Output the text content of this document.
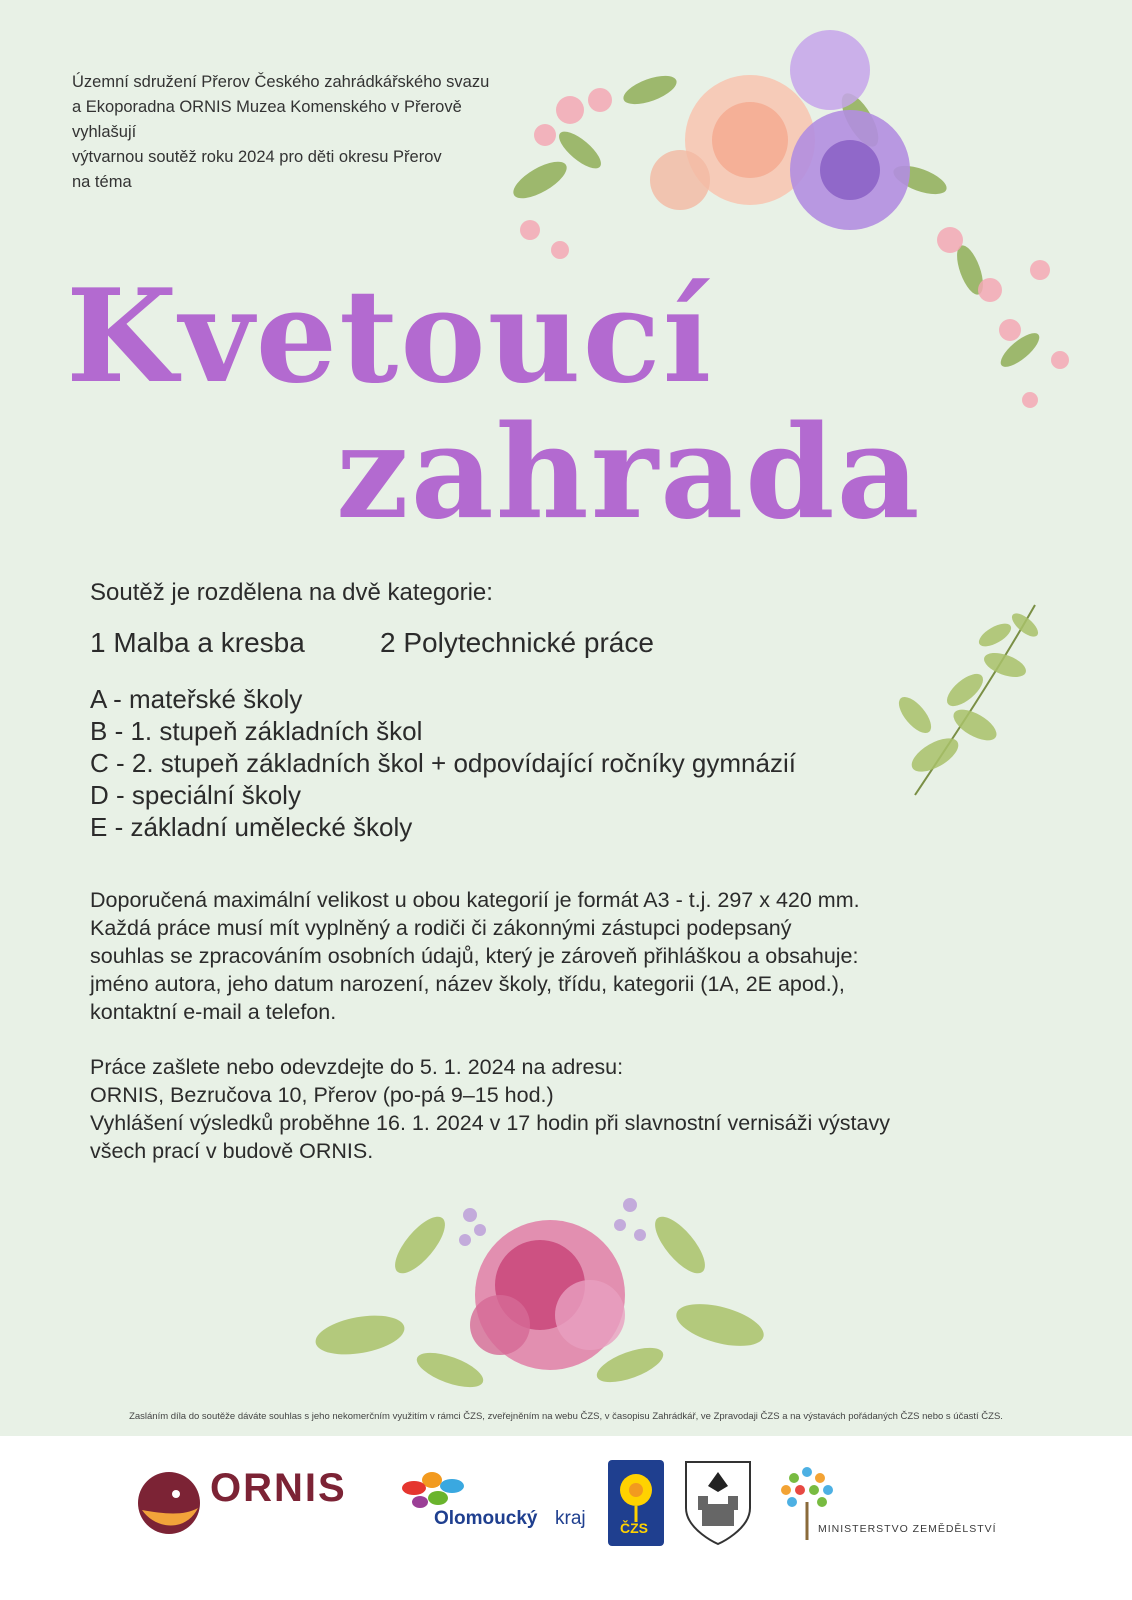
Územní sdružení Přerov Českého zahrádkářského svazu
a Ekoporadna ORNIS Muzea Komenského v Přerově
vyhlašují
výtvarnou soutěž roku 2024 pro děti okresu Přerov
na téma
Kvetoucí
zahrada
Soutěž je rozdělena na dvě kategorie:
1 Malba a kresba	2 Polytechnické práce
A - mateřské školy
B - 1. stupeň základních škol
C - 2. stupeň základních škol + odpovídající ročníky gymnázií
D - speciální školy
E - základní umělecké školy
Doporučená maximální velikost u obou kategorií je formát A3 - t.j. 297 x 420 mm.
Každá práce musí mít vyplněný a rodiči či zákonnými zástupci podepsaný
souhlas se zpracováním osobních údajů, který je zároveň přihláškou a obsahuje:
jméno autora, jeho datum narození, název školy, třídu, kategorii (1A, 2E apod.),
kontaktní e-mail a telefon.
Práce zašlete nebo odevzdejte do 5. 1. 2024 na adresu:
ORNIS, Bezručova 10, Přerov (po-pá 9–15 hod.)
Vyhlášení výsledků proběhne 16. 1. 2024 v 17 hodin při slavnostní vernisáži výstavy
všech prací v budově ORNIS.
Zasláním díla do soutěže dáváte souhlas s jeho nekomerčním využitím v rámci ČZS, zveřejněním na webu ČZS, v časopisu Zahrádkář, ve Zpravodaji ČZS a na výstavách pořádaných ČZS nebo s účastí ČZS.
ORNIS
Olomoucký kraj ČZS	MINISTERSTVO ZEMĚDĚLSTVÍ
